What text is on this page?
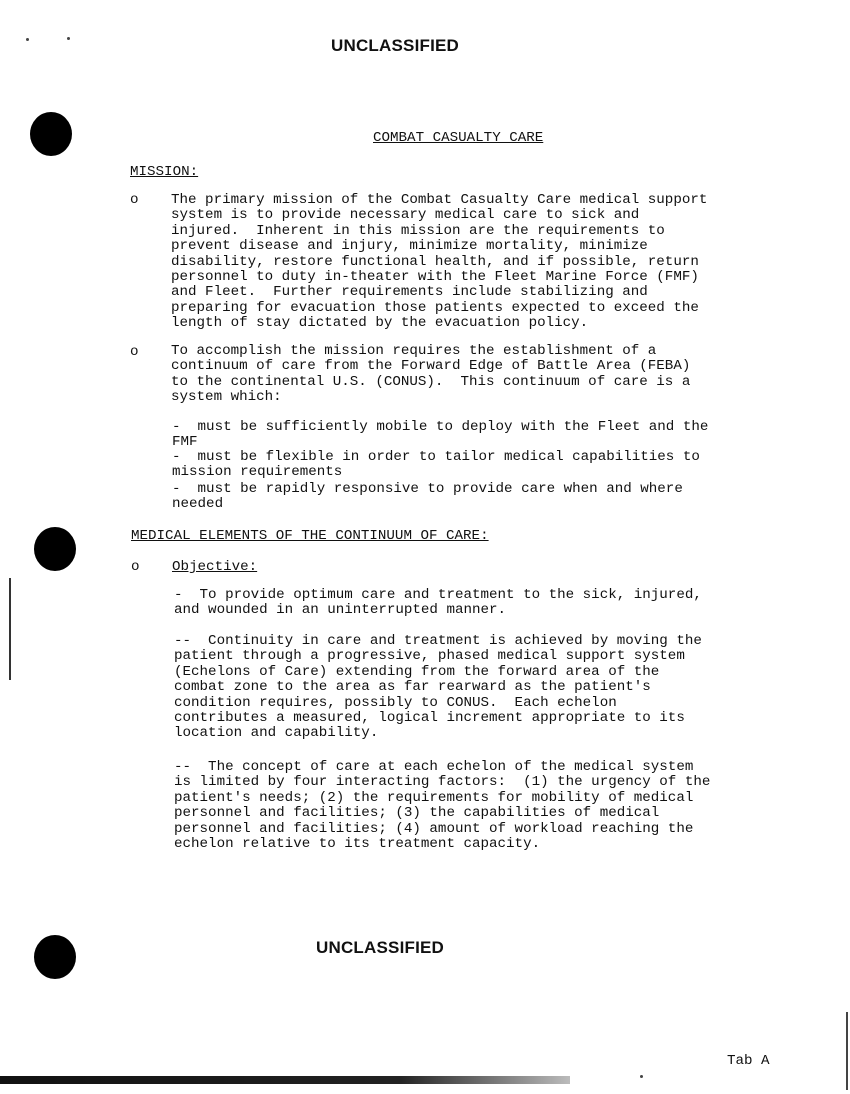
UNCLASSIFIED
COMBAT CASUALTY CARE
MISSION:
o The primary mission of the Combat Casualty Care medical support
system is to provide necessary medical care to sick and
injured.  Inherent in this mission are the requirements to
prevent disease and injury, minimize mortality, minimize
disability, restore functional health, and if possible, return
personnel to duty in-theater with the Fleet Marine Force (FMF)
and Fleet.  Further requirements include stabilizing and
preparing for evacuation those patients expected to exceed the
length of stay dictated by the evacuation policy.

o To accomplish the mission requires the establishment of a
continuum of care from the Forward Edge of Battle Area (FEBA)
to the continental U.S. (CONUS).  This continuum of care is a
system which:

-  must be sufficiently mobile to deploy with the Fleet and the
FMF

-  must be flexible in order to tailor medical capabilities to
mission requirements

-  must be rapidly responsive to provide care when and where
needed

MEDICAL ELEMENTS OF THE CONTINUUM OF CARE:
o Objective:

-  To provide optimum care and treatment to the sick, injured,
and wounded in an uninterrupted manner.

--  Continuity in care and treatment is achieved by moving the
patient through a progressive, phased medical support system
(Echelons of Care) extending from the forward area of the
combat zone to the area as far rearward as the patient's
condition requires, possibly to CONUS.  Each echelon
contributes a measured, logical increment appropriate to its
location and capability.

--  The concept of care at each echelon of the medical system
is limited by four interacting factors:  (1) the urgency of the
patient's needs; (2) the requirements for mobility of medical
personnel and facilities; (3) the capabilities of medical
personnel and facilities; (4) amount of workload reaching the
echelon relative to its treatment capacity.

UNCLASSIFIED
Tab A
